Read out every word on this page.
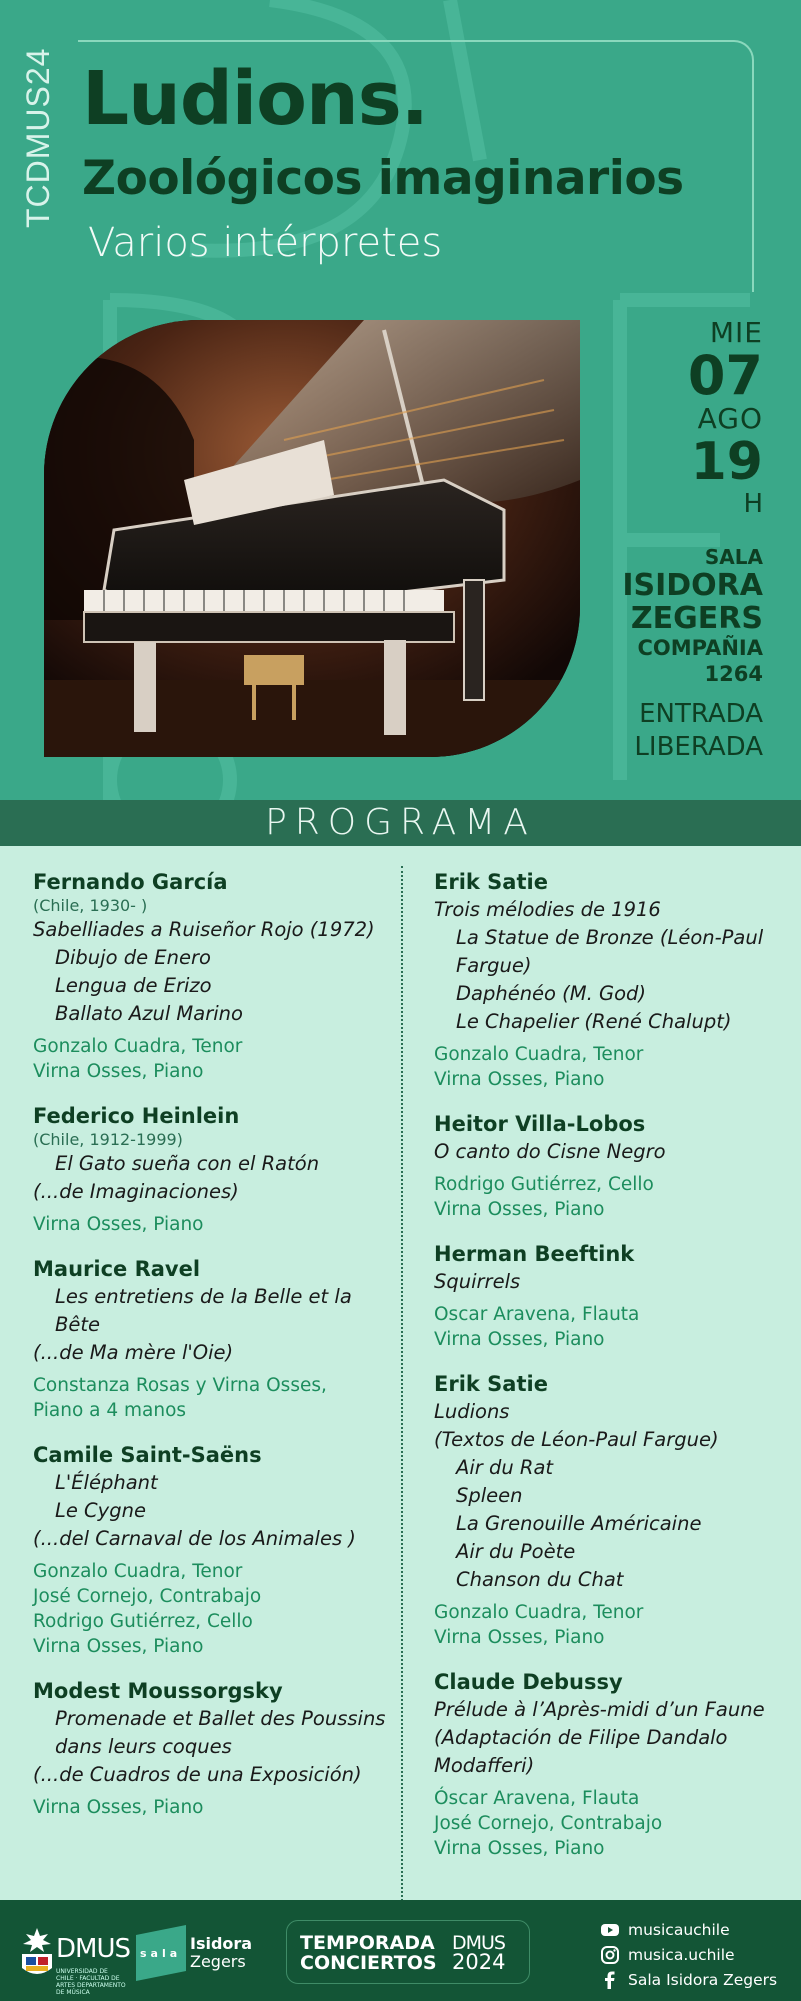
TCDMUS24 Ludions.
Zoológicos imaginarios
Varios intérpretes
MIE
07
AGO
19
H
SALA
ISIDORA
ZEGERS
COMPAÑIA
1264
ENTRADA
LIBERADA
PROGRAMA
Fernando García
(Chile, 1930- )
Sabelliades a Ruiseñor Rojo (1972)
Dibujo de Enero
Lengua de Erizo
Ballato Azul Marino
Gonzalo Cuadra, Tenor
Virna Osses, Piano
Federico Heinlein
(Chile, 1912-1999)
El Gato sueña con el Ratón
(...de Imaginaciones)
Virna Osses, Piano
Maurice Ravel
Les entretiens de la Belle et la Bête
(...de Ma mère l'Oie)
Constanza Rosas y Virna Osses,
Piano a 4 manos
Camile Saint-Saëns
L'Éléphant
Le Cygne
(...del Carnaval de los Animales )
Gonzalo Cuadra, Tenor
José Cornejo, Contrabajo
Rodrigo Gutiérrez, Cello
Virna Osses, Piano
Modest Moussorgsky
Promenade et Ballet des Poussins dans leurs coques
(...de Cuadros de una Exposición)
Virna Osses, Piano
Erik Satie
Trois mélodies de 1916
La Statue de Bronze (Léon-Paul Fargue)
Daphénéo (M. God)
Le Chapelier (René Chalupt)
Gonzalo Cuadra, Tenor
Virna Osses, Piano
Heitor Villa-Lobos
O canto do Cisne Negro
Rodrigo Gutiérrez, Cello
Virna Osses, Piano
Herman Beeftink
Squirrels
Oscar Aravena, Flauta
Virna Osses, Piano
Erik Satie
Ludions
(Textos de Léon-Paul Fargue)
Air du Rat
Spleen
La Grenouille Américaine
Air du Poète
Chanson du Chat
Gonzalo Cuadra, Tenor
Virna Osses, Piano
Claude Debussy
Prélude à l’Après-midi d’un Faune
(Adaptación de Filipe Dandalo Modafferi)
Óscar Aravena, Flauta
José Cornejo, Contrabajo
Virna Osses, Piano
DMUS
UNIVERSIDAD DE CHILE · FACULTAD DE ARTES DEPARTAMENTO DE MÚSICA
sala
Isidora
Zegers
TEMPORADA DMUS
CONCIERTOS 2024
musicauchile
musica.uchile
Sala Isidora Zegers
